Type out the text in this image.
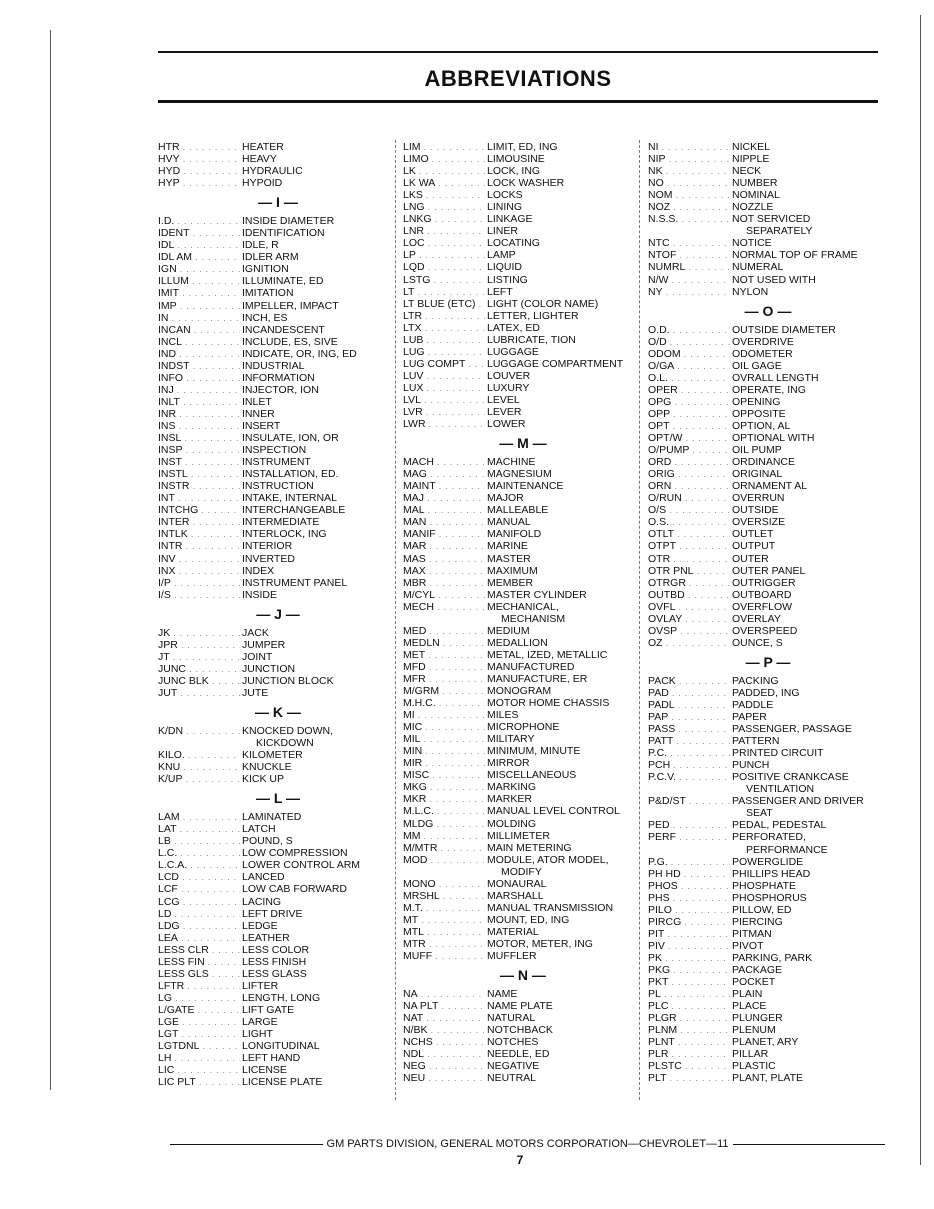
ABBREVIATIONS
HTR . . .	HEATER
HVY . . .	HEAVY
HYD . . .	HYDRAULIC
HYP . . .	HYPOID
— I —
I.D. . . .	INSIDE DIAMETER
IDENT . . .	IDENTIFICATION
IDL . . .	IDLE, R
IDL AM . . .	IDLER ARM
IGN . . .	IGNITION
ILLUM . . .	ILLUMINATE, ED
IMIT . . .	IMITATION
IMP . . .	IMPELLER, IMPACT
IN . . .	INCH, ES
INCAN . . .	INCANDESCENT
INCL . . .	INCLUDE, ES, SIVE
IND . . .	INDICATE, OR, ING, ED
INDST . . .	INDUSTRIAL
INFO . . .	INFORMATION
INJ . . .	INJECTOR, ION
INLT . . .	INLET
INR . . .	INNER
INS . . .	INSERT
INSL . . .	INSULATE, ION, OR
INSP . . .	INSPECTION
INST . . .	INSTRUMENT
INSTL . . .	INSTALLATION, ED.
INSTR . . .	INSTRUCTION
INT . . .	INTAKE, INTERNAL
INTCHG . . .	INTERCHANGEABLE
INTER . . .	INTERMEDIATE
INTLK . . .	INTERLOCK, ING
INTR . . .	INTERIOR
INV . . .	INVERTED
INX . . .	INDEX
I/P . . .	INSTRUMENT PANEL
I/S . . .	INSIDE
— J —
JK . . .	JACK
JPR . . .	JUMPER
JT . . .	JOINT
JUNC . . .	JUNCTION
JUNC BLK . . .	JUNCTION BLOCK
JUT . . .	JUTE
— K —
K/DN . . .	KNOCKED DOWN,
KICKDOWN
KILO. . . .	KILOMETER
KNU . . .	KNUCKLE
K/UP . . .	KICK UP
— L —
LAM . . .	LAMINATED
LAT . . .	LATCH
LB . . .	POUND, S
L.C. . . .	LOW COMPRESSION
L.C.A. . . .	LOWER CONTROL ARM
LCD . . .	LANCED
LCF . . .	LOW CAB FORWARD
LCG . . .	LACING
LD . . .	LEFT DRIVE
LDG . . .	LEDGE
LEA . . .	LEATHER
LESS CLR . . .	LESS COLOR
LESS FIN . . .	LESS FINISH
LESS GLS . . .	LESS GLASS
LFTR . . .	LIFTER
LG . . .	LENGTH, LONG
L/GATE . . .	LIFT GATE
LGE . . .	LARGE
LGT . . .	LIGHT
LGTDNL . . .	LONGITUDINAL
LH . . .	LEFT HAND
LIC . . .	LICENSE
LIC PLT . . .	LICENSE PLATE
LIM . . .	LIMIT, ED, ING
LIMO . . .	LIMOUSINE
LK . . .	LOCK, ING
LK WA . . .	LOCK WASHER
LKS . . .	LOCKS
LNG . . .	LINING
LNKG . . .	LINKAGE
LNR . . .	LINER
LOC . . .	LOCATING
LP . . .	LAMP
LQD . . .	LIQUID
LSTG . . .	LISTING
LT . . .	LEFT
LT BLUE (ETC) . . .	LIGHT (COLOR NAME)
LTR . . .	LETTER, LIGHTER
LTX . . .	LATEX, ED
LUB . . .	LUBRICATE, TION
LUG . . .	LUGGAGE
LUG COMPT . . .	LUGGAGE COMPARTMENT
LUV . . .	LOUVER
LUX . . .	LUXURY
LVL . . .	LEVEL
LVR . . .	LEVER
LWR . . .	LOWER
— M —
MACH . . .	MACHINE
MAG . . .	MAGNESIUM
MAINT . . .	MAINTENANCE
MAJ . . .	MAJOR
MAL . . .	MALLEABLE
MAN . . .	MANUAL
MANIF . . .	MANIFOLD
MAR . . .	MARINE
MAS . . .	MASTER
MAX . . .	MAXIMUM
MBR . . .	MEMBER
M/CYL . . .	MASTER CYLINDER
MECH . . .	MECHANICAL,
MECHANISM
MED . . .	MEDIUM
MEDLN . . .	MEDALLION
MET . . .	METAL, IZED, METALLIC
MFD . . .	MANUFACTURED
MFR . . .	MANUFACTURE, ER
M/GRM . . .	MONOGRAM
M.H.C. . . .	MOTOR HOME CHASSIS
MI . . .	MILES
MIC . . .	MICROPHONE
MIL . . .	MILITARY
MIN . . .	MINIMUM, MINUTE
MIR . . .	MIRROR
MISC . . .	MISCELLANEOUS
MKG . . .	MARKING
MKR . . .	MARKER
M.L.C. . . .	MANUAL LEVEL CONTROL
MLDG . . .	MOLDING
MM . . .	MILLIMETER
M/MTR . . .	MAIN METERING
MOD . . .	MODULE, ATOR MODEL,
MODIFY
MONO . . .	MONAURAL
MRSHL . . .	MARSHALL
M.T. . . .	MANUAL TRANSMISSION
MT . . .	MOUNT, ED, ING
MTL . . .	MATERIAL
MTR . . .	MOTOR, METER, ING
MUFF . . .	MUFFLER
— N —
NA . . .	NAME
NA PLT . . .	NAME PLATE
NAT . . .	NATURAL
N/BK . . .	NOTCHBACK
NCHS . . .	NOTCHES
NDL . . .	NEEDLE, ED
NEG . . .	NEGATIVE
NEU . . .	NEUTRAL
NI . . .	NICKEL
NIP . . .	NIPPLE
NK . . .	NECK
NO . . .	NUMBER
NOM . . .	NOMINAL
NOZ . . .	NOZZLE
N.S.S. . . .	NOT SERVICED
SEPARATELY
NTC . . .	NOTICE
NTOF . . .	NORMAL TOP OF FRAME
NUMRL . . .	NUMERAL
N/W . . .	NOT USED WITH
NY . . .	NYLON
— O —
O.D. . . .	OUTSIDE DIAMETER
O/D . . .	OVERDRIVE
ODOM . . .	ODOMETER
O/GA . . .	OIL GAGE
O.L. . . .	OVRALL LENGTH
OPER . . .	OPERATE, ING
OPG . . .	OPENING
OPP . . .	OPPOSITE
OPT . . .	OPTION, AL
OPT/W . . .	OPTIONAL WITH
O/PUMP . . .	OIL PUMP
ORD . . .	ORDINANCE
ORIG . . .	ORIGINAL
ORN . . .	ORNAMENT AL
O/RUN . . .	OVERRUN
O/S . . .	OUTSIDE
O.S. . . .	OVERSIZE
OTLT . . .	OUTLET
OTPT . . .	OUTPUT
OTR . . .	OUTER
OTR PNL . . .	OUTER PANEL
OTRGR . . .	OUTRIGGER
OUTBD . . .	OUTBOARD
OVFL . . .	OVERFLOW
OVLAY . . .	OVERLAY
OVSP . . .	OVERSPEED
OZ . . .	OUNCE, S
— P —
PACK . . .	PACKING
PAD . . .	PADDED, ING
PADL . . .	PADDLE
PAP . . .	PAPER
PASS . . .	PASSENGER, PASSAGE
PATT . . .	PATTERN
P.C. . . .	PRINTED CIRCUIT
PCH . . .	PUNCH
P.C.V. . . .	POSITIVE CRANKCASE
VENTILATION
P&D/ST . . .	PASSENGER AND DRIVER
SEAT
PED . . .	PEDAL, PEDESTAL
PERF . . .	PERFORATED,
PERFORMANCE
P.G. . . .	POWERGLIDE
PH HD . . .	PHILLIPS HEAD
PHOS . . .	PHOSPHATE
PHS . . .	PHOSPHORUS
PILO . . .	PILLOW, ED
PIRCG . . .	PIERCING
PIT . . .	PITMAN
PIV . . .	PIVOT
PK . . .	PARKING, PARK
PKG . . .	PACKAGE
PKT . . .	POCKET
PL . . .	PLAIN
PLC . . .	PLACE
PLGR . . .	PLUNGER
PLNM . . .	PLENUM
PLNT . . .	PLANET, ARY
PLR . . .	PILLAR
PLSTC . . .	PLASTIC
PLT . . .	PLANT, PLATE
GM PARTS DIVISION, GENERAL MOTORS CORPORATION—CHEVROLET—11
7
